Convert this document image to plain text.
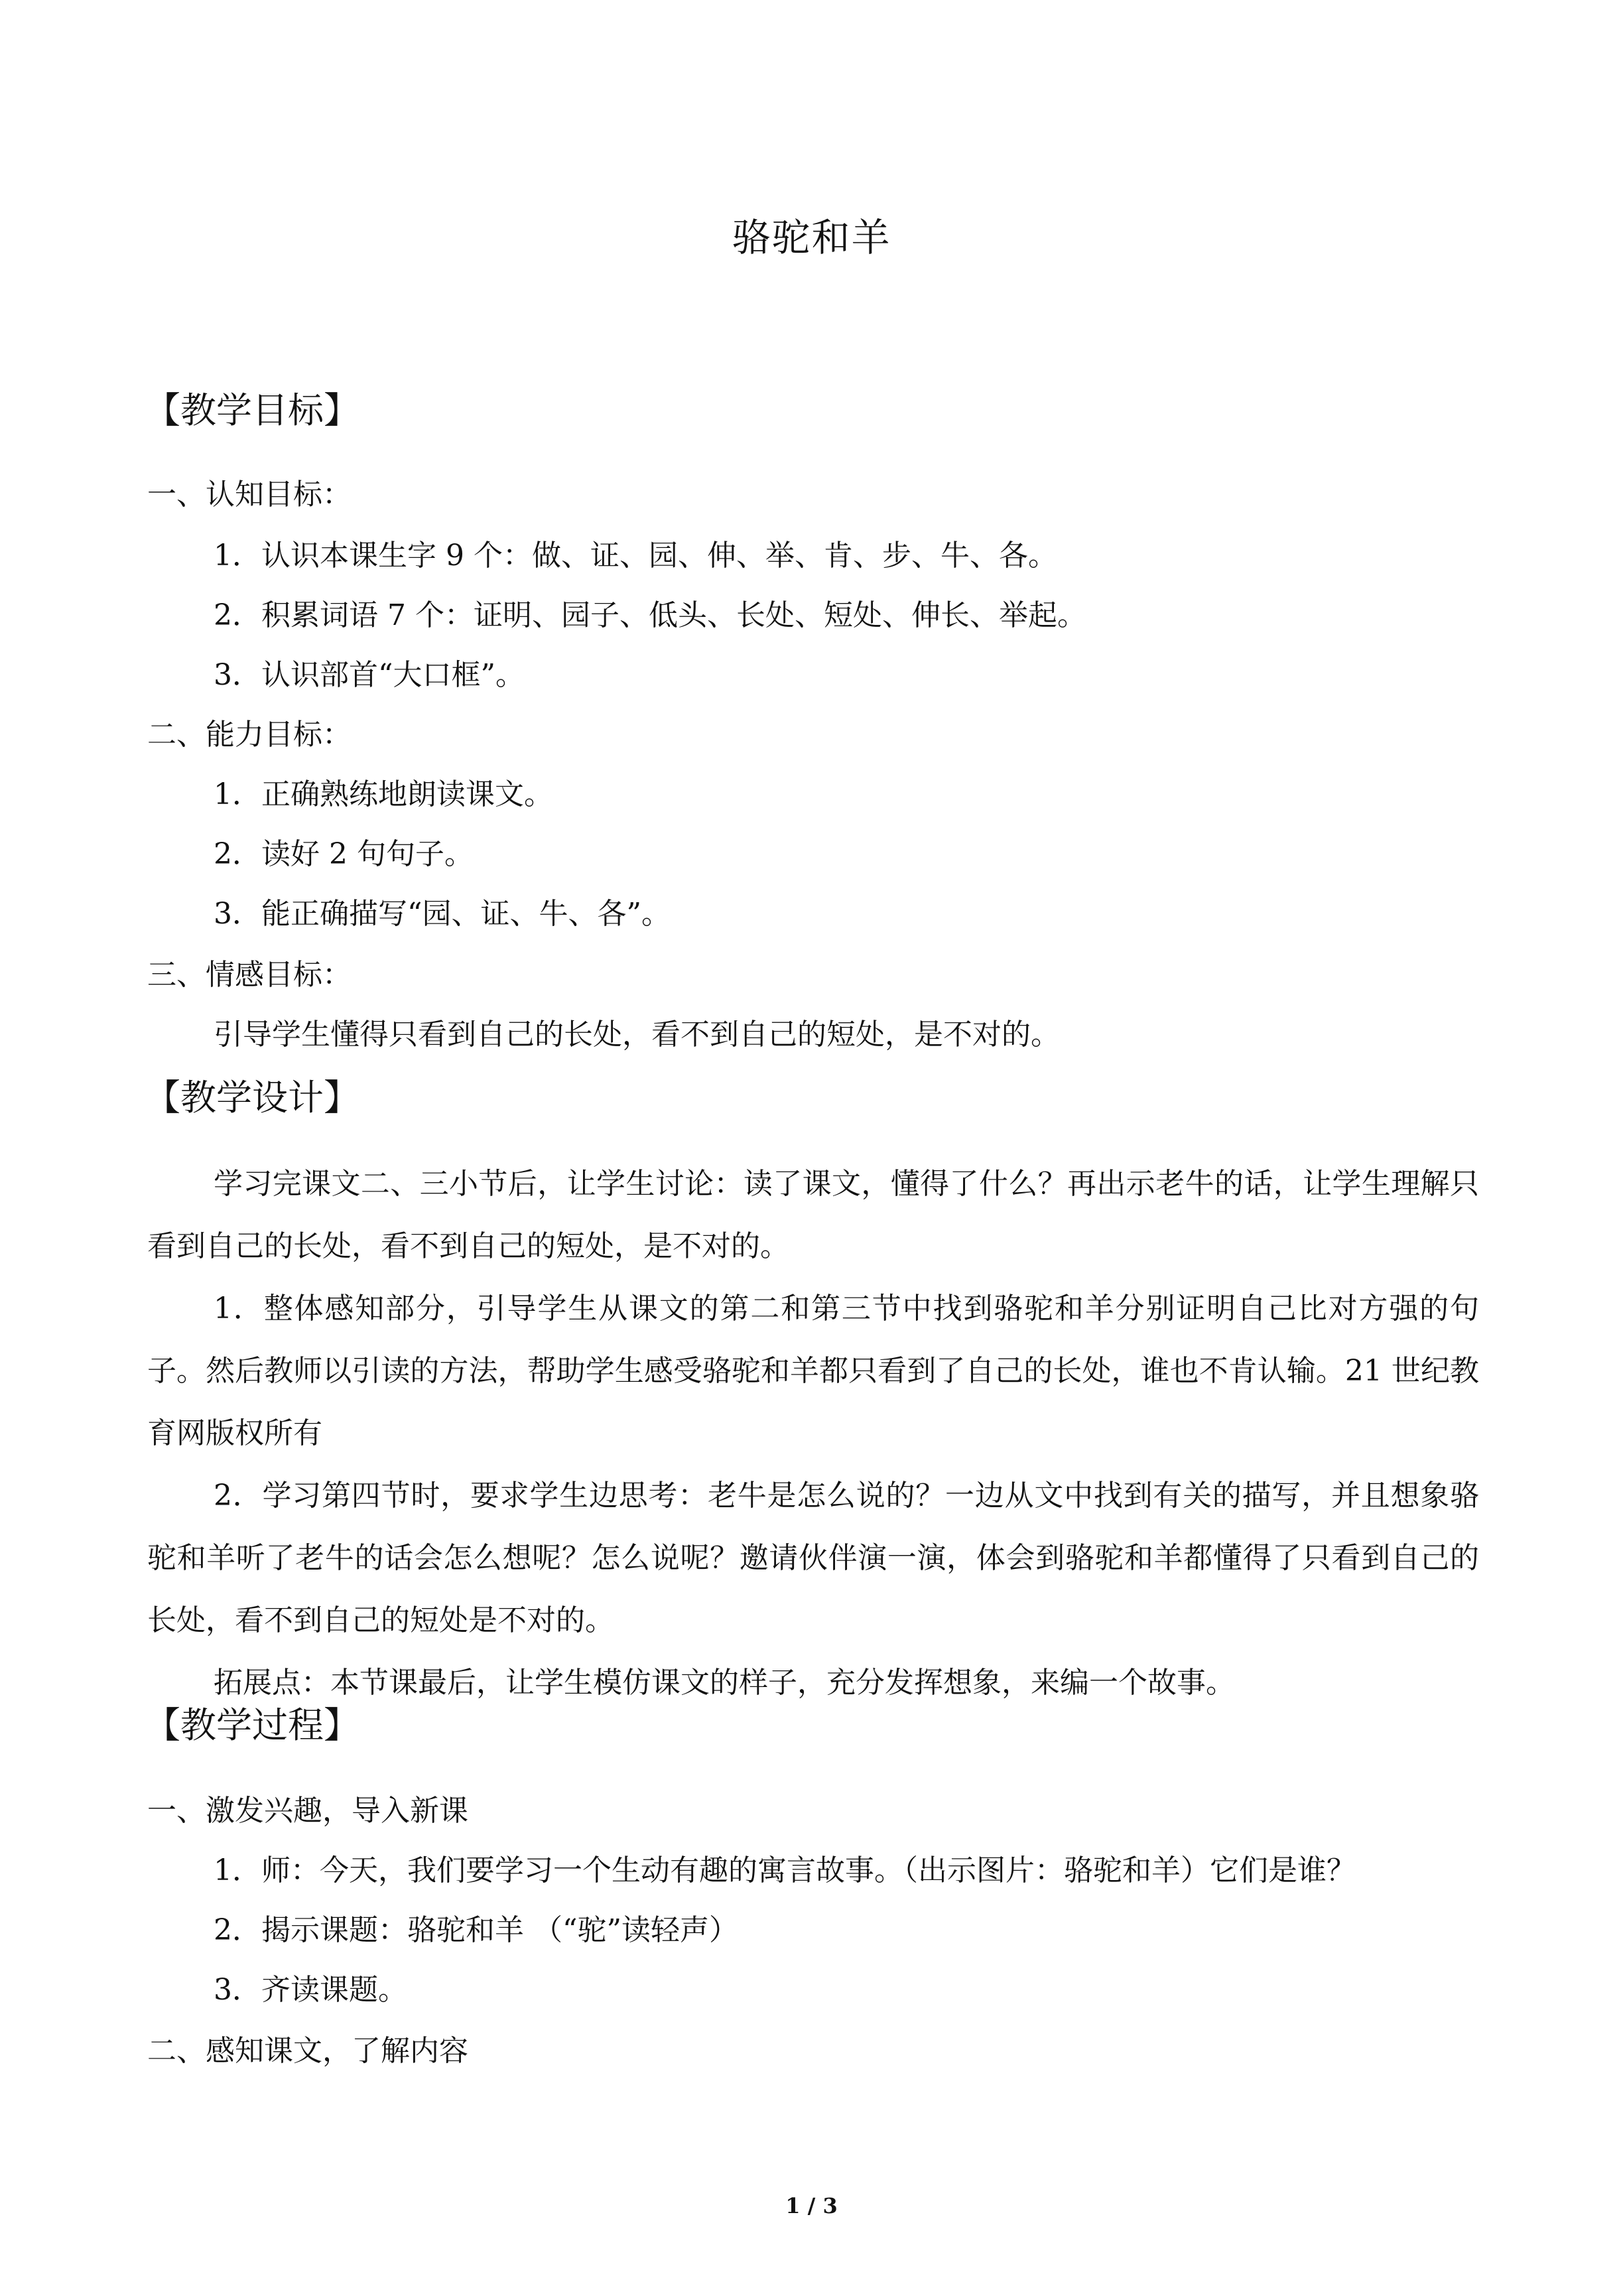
骆驼和羊
【教学目标】
一、认知目标：
1．认识本课生字 9 个：做、证、园、伸、举、肯、步、牛、各。
2．积累词语 7 个：证明、园子、低头、长处、短处、伸长、举起。
3．认识部首“大口框”。
二、能力目标：
1．正确熟练地朗读课文。
2．读好 2 句句子。
3．能正确描写“园、证、牛、各”。
三、情感目标：
引导学生懂得只看到自己的长处，看不到自己的短处，是不对的。
【教学设计】

学习完课文二、三小节后，让学生讨论：读了课文，懂得了什么？再出示老牛的话，让学生理解只看到自己的长处，看不到自己的短处，是不对的。

1．整体感知部分，引导学生从课文的第二和第三节中找到骆驼和羊分别证明自己比对方强的句子。然后教师以引读的方法，帮助学生感受骆驼和羊都只看到了自己的长处，谁也不肯认输。21 世纪教育网版权所有

2．学习第四节时，要求学生边思考：老牛是怎么说的？一边从文中找到有关的描写，并且想象骆驼和羊听了老牛的话会怎么想呢？怎么说呢？邀请伙伴演一演，体会到骆驼和羊都懂得了只看到自己的长处，看不到自己的短处是不对的。

拓展点：本节课最后，让学生模仿课文的样子，充分发挥想象，来编一个故事。

【教学过程】
一、激发兴趣，导入新课
1．师：今天，我们要学习一个生动有趣的寓言故事。（出示图片：骆驼和羊）它们是谁？
2．揭示课题：骆驼和羊 （“驼”读轻声）
3．齐读课题。
二、感知课文，了解内容
1 / 3
